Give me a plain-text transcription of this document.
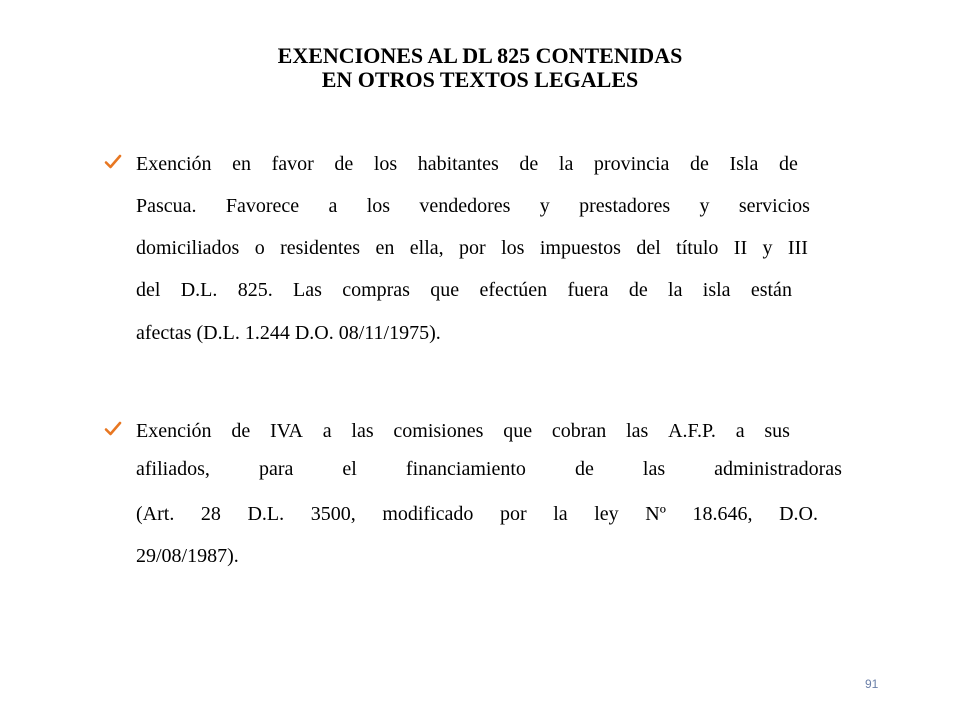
EXENCIONES AL DL 825 CONTENIDAS
EN OTROS TEXTOS LEGALES
Exención en favor de los habitantes de la provincia de Isla de
Pascua. Favorece a los vendedores y prestadores y servicios
domiciliados o residentes en ella, por los impuestos del título II y III
del D.L. 825. Las compras que efectúen fuera de la isla están
afectas (D.L. 1.244 D.O. 08/11/1975).
Exención de IVA a las comisiones que cobran las A.F.P. a sus
afiliados, para el financiamiento de las administradoras
(Art. 28 D.L. 3500, modificado por la ley Nº 18.646, D.O.
29/08/1987).
91
